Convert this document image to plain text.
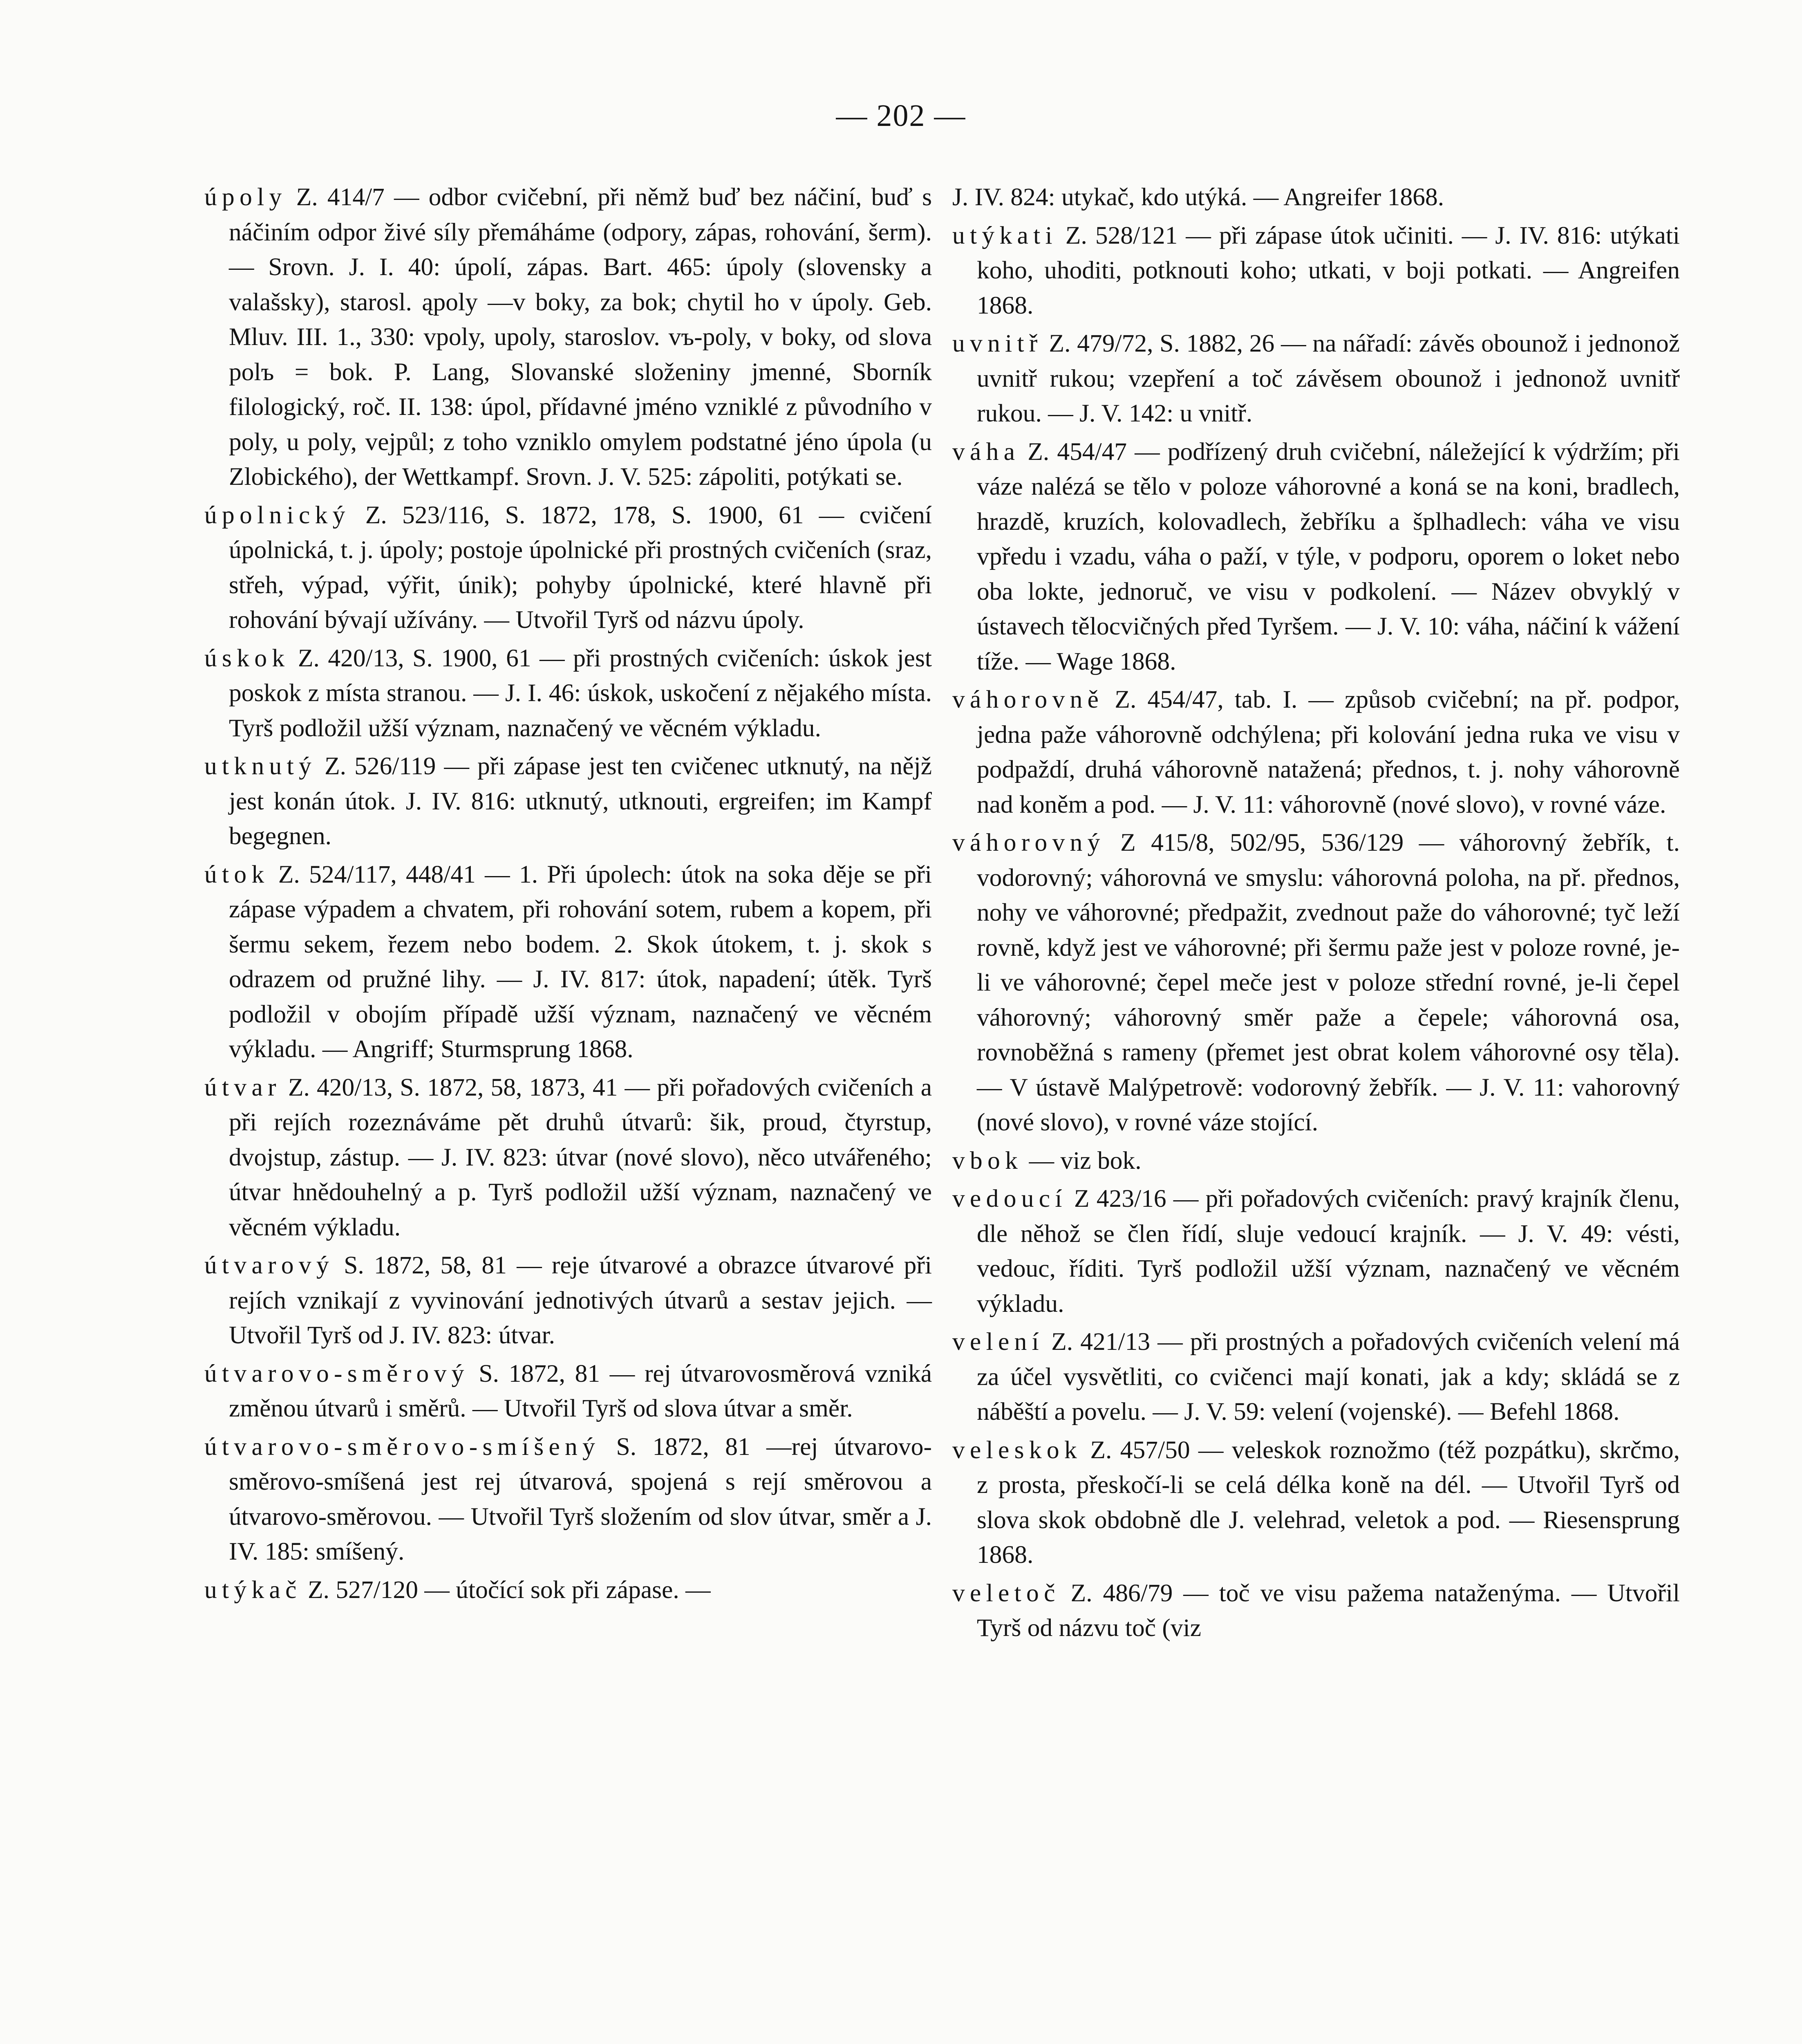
— 202 —

úpoly Z. 414/7 — odbor cvičební, při němž buď bez náčiní, buď s náčiním odpor živé síly přemáháme (odpory, zápas, rohování, šerm). — Srovn. J. I. 40: úpolí, zápas. Bart. 465: úpoly (slovensky a valašsky), starosl. ąpoly —v boky, za bok; chytil ho v úpoly. Geb. Mluv. III. 1., 330: vpoly, upoly, staroslov. vъ-poly, v boky, od slova polъ = bok. P. Lang, Slovanské složeniny jmenné, Sborník filologický, roč. II. 138: úpol, přídavné jméno vzniklé z původního v poly, u poly, vejpůl; z toho vzniklo omylem podstatné jéno úpola (u Zlobického), der Wettkampf. Srovn. J. V. 525: zápoliti, potýkati se.

úpolnický Z. 523/116, S. 1872, 178, S. 1900, 61 — cvičení úpolnická, t. j. úpoly; postoje úpolnické při prostných cvičeních (sraz, střeh, výpad, výřit, únik); pohyby úpolnické, které hlavně při rohování bývají užívány. — Utvořil Tyrš od názvu úpoly.

úskok Z. 420/13, S. 1900, 61 — při prostných cvičeních: úskok jest poskok z místa stranou. — J. I. 46: úskok, uskočení z nějakého místa. Tyrš podložil užší význam, naznačený ve věcném výkladu.

utknutý Z. 526/119 — při zápase jest ten cvičenec utknutý, na nějž jest konán útok. J. IV. 816: utknutý, utknouti, ergreifen; im Kampf begegnen.

útok Z. 524/117, 448/41 — 1. Při úpolech: útok na soka děje se při zápase výpadem a chvatem, při rohování sotem, rubem a kopem, při šermu sekem, řezem nebo bodem. 2. Skok útokem, t. j. skok s odrazem od pružné lihy. — J. IV. 817: útok, napadení; útěk. Tyrš podložil v obojím případě užší význam, naznačený ve věcném výkladu. — Angriff; Sturmsprung 1868.

útvar Z. 420/13, S. 1872, 58, 1873, 41 — při pořadových cvičeních a při rejích rozeznáváme pět druhů útvarů: šik, proud, čtyrstup, dvojstup, zástup. — J. IV. 823: útvar (nové slovo), něco utvářeného; útvar hnědouhelný a p. Tyrš podložil užší význam, naznačený ve věcném výkladu.

útvarový S. 1872, 58, 81 — reje útvarové a obrazce útvarové při rejích vznikají z vyvinování jednotivých útvarů a sestav jejich. — Utvořil Tyrš od J. IV. 823: útvar.

útvarovo-směrový S. 1872, 81 — rej útvarovosměrová vzniká změnou útvarů i směrů. — Utvořil Tyrš od slova útvar a směr.

útvarovo-směrovo-smíšený S. 1872, 81 —rej útvarovo-směrovo-smíšená jest rej útvarová, spojená s rejí směrovou a útvarovo-směrovou. — Utvořil Tyrš složením od slov útvar, směr a J. IV. 185: smíšený.

utýkač Z. 527/120 — útočící sok při zápase. —

J. IV. 824: utykač, kdo utýká. — Angreifer 1868.

utýkati Z. 528/121 — při zápase útok učiniti. — J. IV. 816: utýkati koho, uhoditi, potknouti koho; utkati, v boji potkati. — Angreifen 1868.

uvnitř Z. 479/72, S. 1882, 26 — na nářadí: závěs obounož i jednonož uvnitř rukou; vzepření a toč závěsem obounož i jednonož uvnitř rukou. — J. V. 142: u vnitř.

váha Z. 454/47 — podřízený druh cvičební, náležející k výdržím; při váze nalézá se tělo v poloze váhorovné a koná se na koni, bradlech, hrazdě, kruzích, kolovadlech, žebříku a šplhadlech: váha ve visu vpředu i vzadu, váha o paží, v týle, v podporu, oporem o loket nebo oba lokte, jednoruč, ve visu v podkolení. — Název obvyklý v ústavech tělocvičných před Tyršem. — J. V. 10: váha, náčiní k vážení tíže. — Wage 1868.

váhorovně Z. 454/47, tab. I. — způsob cvičební; na př. podpor, jedna paže váhorovně odchýlena; při kolování jedna ruka ve visu v podpaždí, druhá váhorovně natažená; přednos, t. j. nohy váhorovně nad koněm a pod. — J. V. 11: váhorovně (nové slovo), v rovné váze.

váhorovný Z 415/8, 502/95, 536/129 — váhorovný žebřík, t. vodorovný; váhorovná ve smyslu: váhorovná poloha, na př. přednos, nohy ve váhorovné; předpažit, zvednout paže do váhorovné; tyč leží rovně, když jest ve váhorovné; při šermu paže jest v poloze rovné, je-li ve váhorovné; čepel meče jest v poloze střední rovné, je-li čepel váhorovný; váhorovný směr paže a čepele; váhorovná osa, rovnoběžná s rameny (přemet jest obrat kolem váhorovné osy těla). — V ústavě Malýpetrově: vodorovný žebřík. — J. V. 11: vahorovný (nové slovo), v rovné váze stojící.

vbok — viz bok.

vedoucí Z 423/16 — při pořadových cvičeních: pravý krajník členu, dle něhož se člen řídí, sluje vedoucí krajník. — J. V. 49: vésti, vedouc, říditi. Tyrš podložil užší význam, naznačený ve věcném výkladu.

velení Z. 421/13 — při prostných a pořadových cvičeních velení má za účel vysvětliti, co cvičenci mají konati, jak a kdy; skládá se z náběští a povelu. — J. V. 59: velení (vojenské). — Befehl 1868.

veleskok Z. 457/50 — veleskok roznožmo (též pozpátku), skrčmo, z prosta, přeskočí-li se celá délka koně na dél. — Utvořil Tyrš od slova skok obdobně dle J. velehrad, veletok a pod. — Riesensprung 1868.

veletoč Z. 486/79 — toč ve visu pažema nataženýma. — Utvořil Tyrš od názvu toč (viz
